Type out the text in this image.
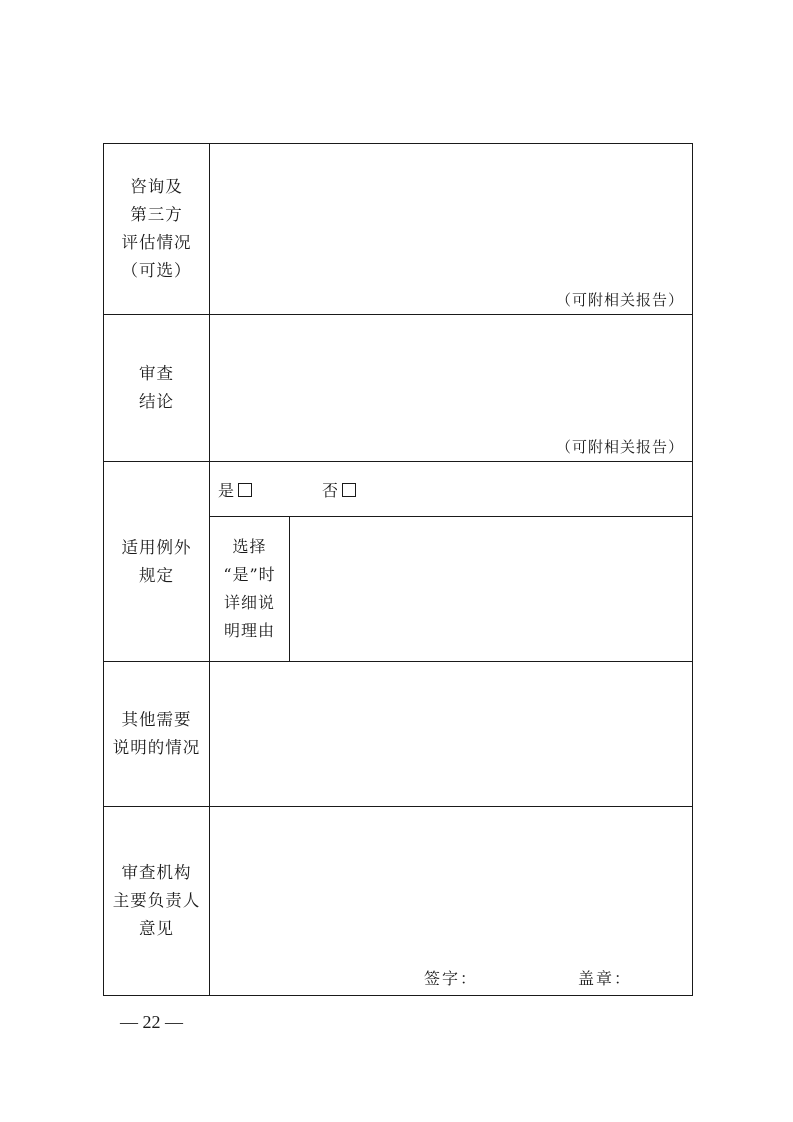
咨询及
第三方
评估情况
（可选）
（可附相关报告）
审查
结论
（可附相关报告）
适用例外
规定
是	否
选择
“是”时
详细说
明理由
其他需要
说明的情况
审查机构
主要负责人
意见
签字：	盖章：
— 22 —
